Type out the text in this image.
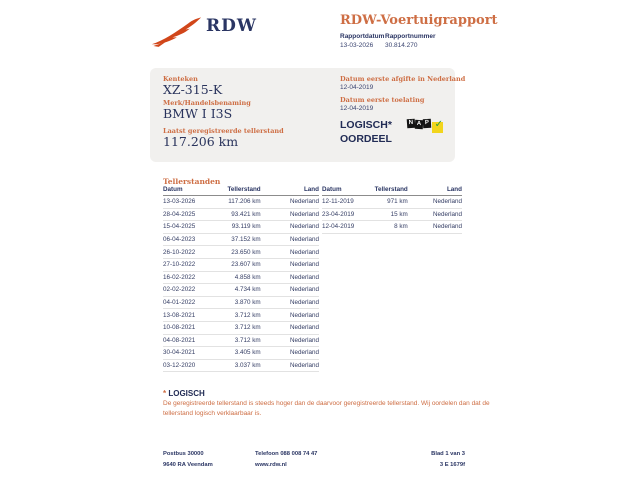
RDW	RDW-Voertuigrapport
Rapportdatum
13-03-2026
Rapportnummer
30.814.270
Kenteken
XZ-315-K
Merk/Handelsbenaming
BMW I I3S
Laatst geregistreerde tellerstand
117.206 km
Datum eerste afgifte in Nederland
12-04-2019
Datum eerste toelating
12-04-2019
LOGISCH*
OORDEEL
N A P ✓
Tellerstanden
Datum	Tellerstand	Land
13-03-2026	117.206 km	Nederland
28-04-2025	93.421 km	Nederland
15-04-2025	93.119 km	Nederland
06-04-2023	37.152 km	Nederland
26-10-2022	23.650 km	Nederland
27-10-2022	23.607 km	Nederland
16-02-2022	4.858 km	Nederland
02-02-2022	4.734 km	Nederland
04-01-2022	3.870 km	Nederland
13-08-2021	3.712 km	Nederland
10-08-2021	3.712 km	Nederland
04-08-2021	3.712 km	Nederland
30-04-2021	3.405 km	Nederland
03-12-2020	3.037 km	Nederland
Datum	Tellerstand	Land
12-11-2019	971 km	Nederland
23-04-2019	15 km	Nederland
12-04-2019	8 km	Nederland
* LOGISCH
De geregistreerde tellerstand is steeds hoger dan de daarvoor geregistreerde tellerstand. Wij oordelen dan dat de tellerstand logisch verklaarbaar is.
Postbus 30000
9640 RA Veendam
Telefoon 088 008 74 47
www.rdw.nl
Blad 1 van 3
3 E 1679f
